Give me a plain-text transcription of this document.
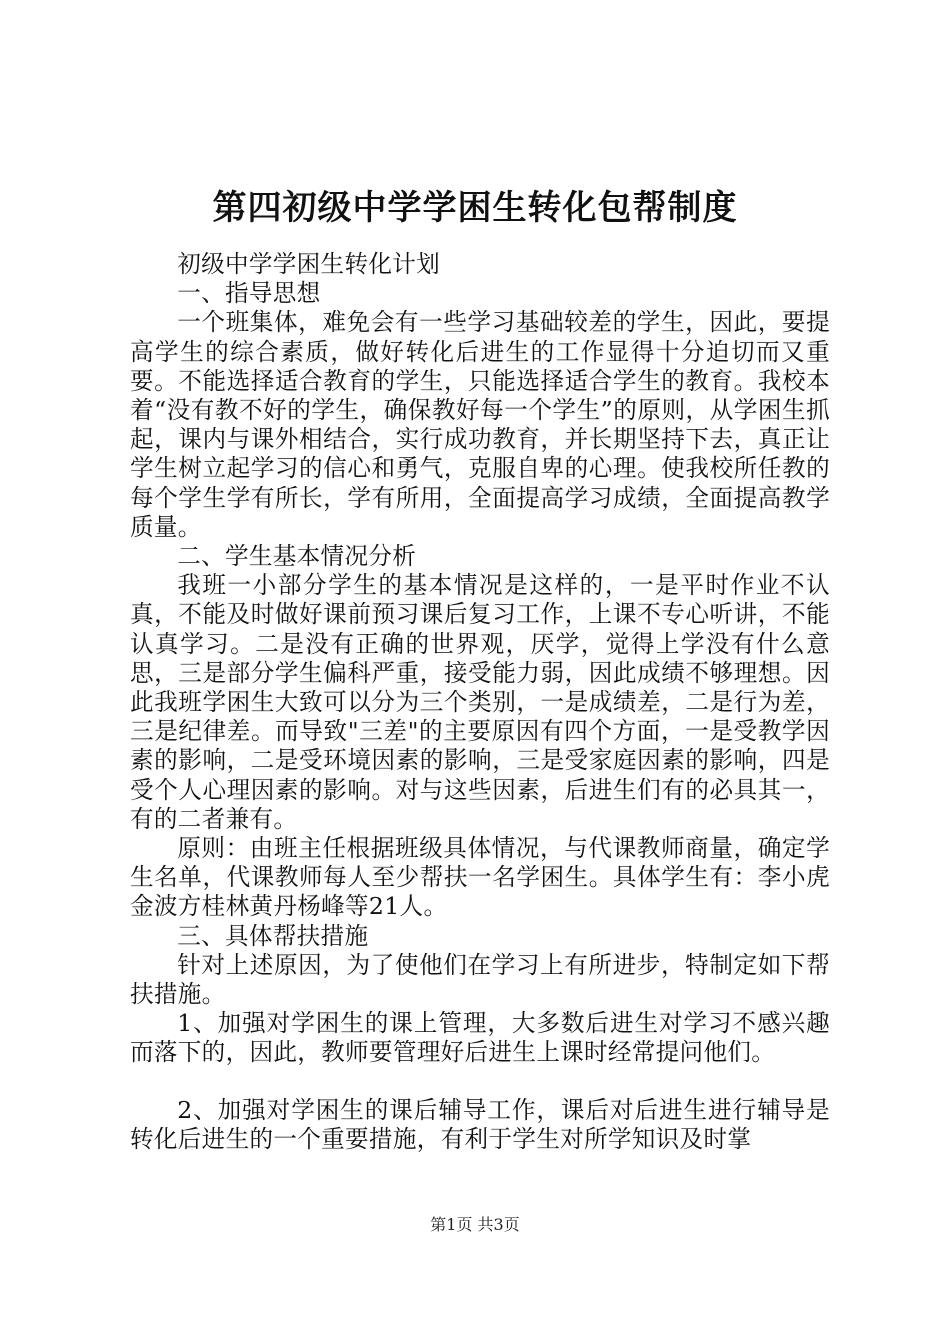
第四初级中学学困生转化包帮制度

初级中学学困生转化计划

一、指导思想

一个班集体，难免会有一些学习基础较差的学生，因此，要提高学生的综合素质，做好转化后进生的工作显得十分迫切而又重要。不能选择适合教育的学生，只能选择适合学生的教育。我校本着“没有教不好的学生，确保教好每一个学生”的原则，从学困生抓起，课内与课外相结合，实行成功教育，并长期坚持下去，真正让学生树立起学习的信心和勇气，克服自卑的心理。使我校所任教的每个学生学有所长，学有所用，全面提高学习成绩，全面提高教学质量。

二、学生基本情况分析

我班一小部分学生的基本情况是这样的，一是平时作业不认真，不能及时做好课前预习课后复习工作，上课不专心听讲，不能认真学习。二是没有正确的世界观，厌学，觉得上学没有什么意思，三是部分学生偏科严重，接受能力弱，因此成绩不够理想。因此我班学困生大致可以分为三个类别，一是成绩差，二是行为差，三是纪律差。而导致"三差"的主要原因有四个方面，一是受教学因素的影响，二是受环境因素的影响，三是受家庭因素的影响，四是受个人心理因素的影响。对与这些因素，后进生们有的必具其一，有的二者兼有。

原则：由班主任根据班级具体情况，与代课教师商量，确定学生名单，代课教师每人至少帮扶一名学困生。具体学生有：李小虎金波方桂林黄丹杨峰等21人。

三、具体帮扶措施

针对上述原因，为了使他们在学习上有所进步，特制定如下帮扶措施。

1、加强对学困生的课上管理，大多数后进生对学习不感兴趣而落下的，因此，教师要管理好后进生上课时经常提问他们。

2、加强对学困生的课后辅导工作，课后对后进生进行辅导是转化后进生的一个重要措施，有利于学生对所学知识及时掌

第1页 共3页
